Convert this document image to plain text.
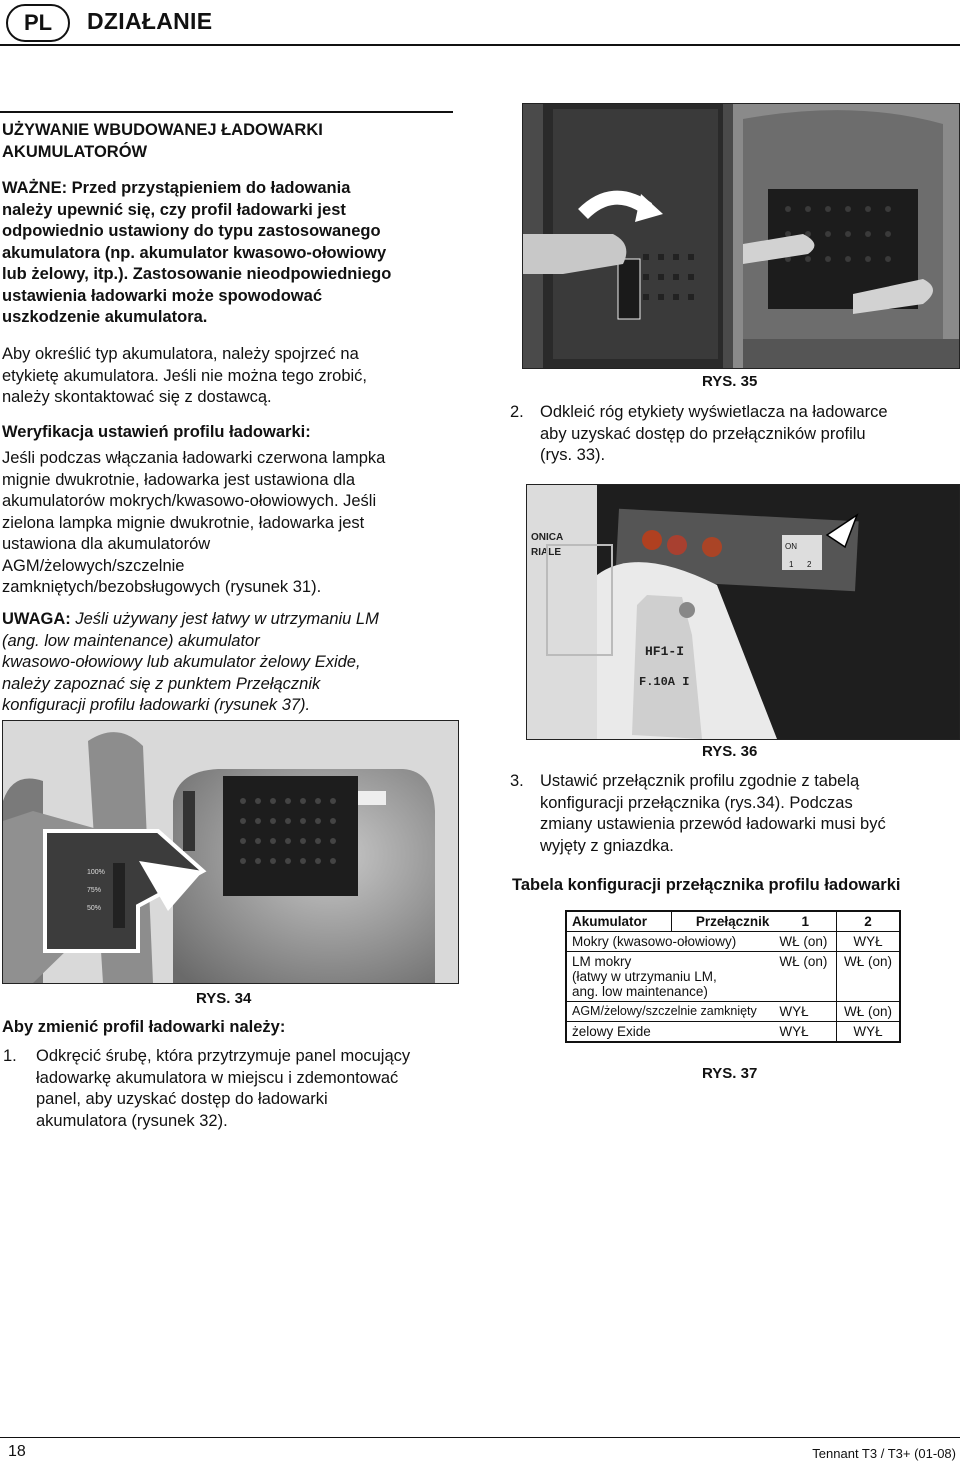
PL DZIAŁANIE
UŻYWANIE WBUDOWANEJ ŁADOWARKI
AKUMULATORÓW
WAŻNE: Przed przystąpieniem do ładowania
należy upewnić się, czy profil ładowarki jest
odpowiednio ustawiony do typu zastosowanego
akumulatora (np. akumulator kwasowo-ołowiowy
lub żelowy, itp.). Zastosowanie nieodpowiedniego
ustawienia ładowarki może spowodować
uszkodzenie akumulatora.
Aby określić typ akumulatora, należy spojrzeć na
etykietę akumulatora. Jeśli nie można tego zrobić,
należy skontaktować się z dostawcą.
Weryfikacja ustawień profilu ładowarki:
Jeśli podczas włączania ładowarki czerwona lampka
mignie dwukrotnie, ładowarka jest ustawiona dla
akumulatorów mokrych/kwasowo-ołowiowych. Jeśli
zielona lampka mignie dwukrotnie, ładowarka jest
ustawiona dla akumulatorów
AGM/żelowych/szczelnie
zamkniętych/bezobsługowych (rysunek 31).
UWAGA: Jeśli używany jest łatwy w utrzymaniu LM
(ang. low maintenance) akumulator
kwasowo-ołowiowy lub akumulator żelowy Exide,
należy zapoznać się z punktem Przełącznik
konfiguracji profilu ładowarki (rysunek 37).
100%
75%
50%
RYS. 34
Aby zmienić profil ładowarki należy:
1. Odkręcić śrubę, która przytrzymuje panel mocujący
ładowarkę akumulatora w miejscu i zdemontować
panel, aby uzyskać dostęp do ładowarki
akumulatora (rysunek 32).
RYS. 35
2. Odkleić róg etykiety wyświetlacza na ładowarce
aby uzyskać dostęp do przełączników profilu
(rys. 33).
ONICA
RIALE
ON
1 2
HF1-I
F.10A I
RYS. 36
3. Ustawić przełącznik profilu zgodnie z tabelą
konfiguracji przełącznika (rys.34). Podczas
zmiany ustawienia przewód ładowarki musi być
wyjęty z gniazdka.
Tabela konfiguracji przełącznika profilu ładowarki
Akumulator	Przełącznik	1	2
Mokry (kwasowo-ołowiowy)		WŁ (on)	WYŁ
LM mokry
(łatwy w utrzymaniu LM,
ang. low maintenance)		WŁ (on)	WŁ (on)
AGM/żelowy/szczelnie zamknięty		WYŁ	WŁ (on)
żelowy Exide		WYŁ	WYŁ
RYS. 37
18	Tennant T3 / T3+ (01-08)
